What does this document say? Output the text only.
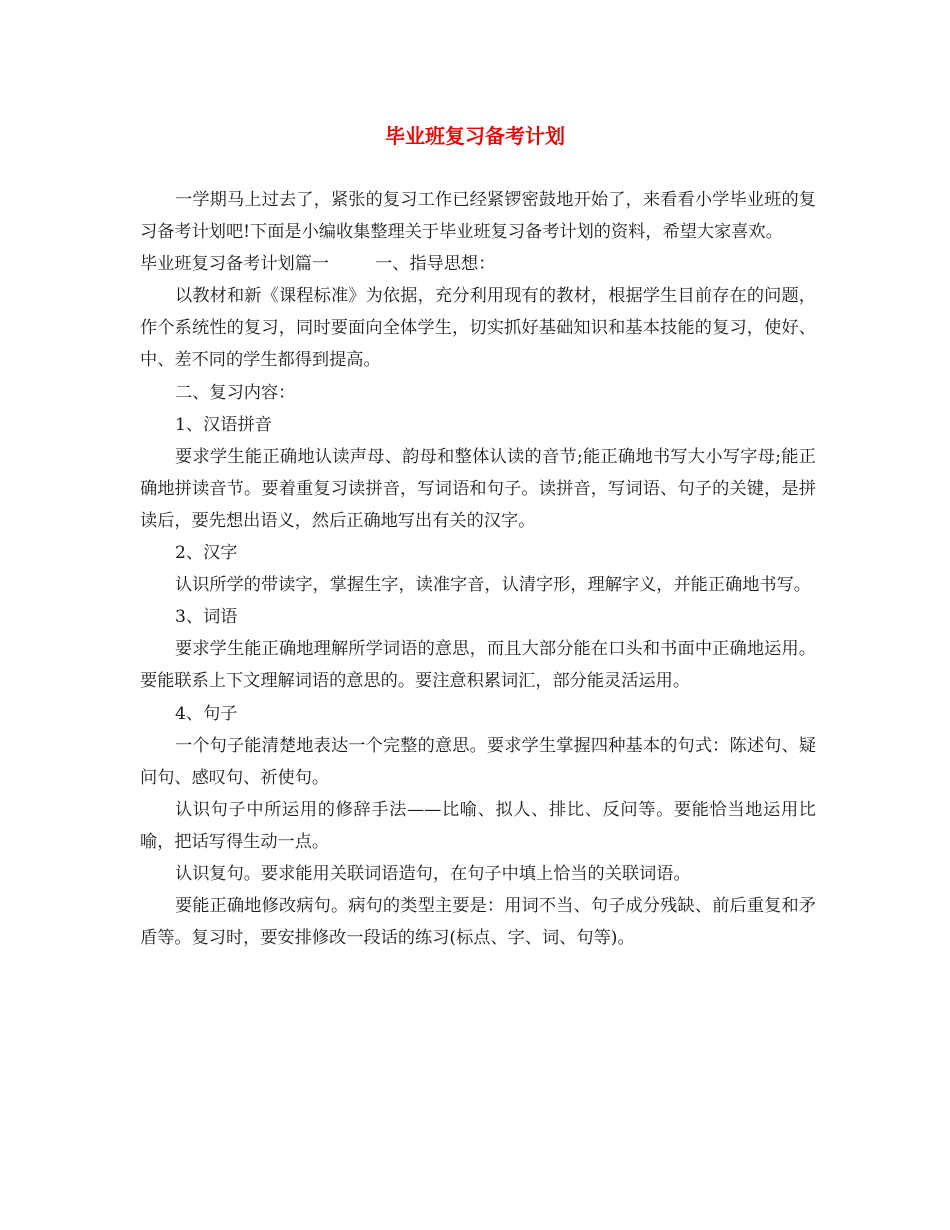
毕业班复习备考计划

一学期马上过去了，紧张的复习工作已经紧锣密鼓地开始了，来看看小学毕业班的复习备考计划吧!下面是小编收集整理关于毕业班复习备考计划的资料，希望大家喜欢。

毕业班复习备考计划篇一	一、指导思想：

以教材和新《课程标准》为依据，充分利用现有的教材，根据学生目前存在的问题，作个系统性的复习，同时要面向全体学生，切实抓好基础知识和基本技能的复习，使好、中、差不同的学生都得到提高。

二、复习内容：

1、汉语拼音

要求学生能正确地认读声母、韵母和整体认读的音节;能正确地书写大小写字母;能正确地拼读音节。要着重复习读拼音，写词语和句子。读拼音，写词语、句子的关键，是拼读后，要先想出语义，然后正确地写出有关的汉字。

2、汉字

认识所学的带读字，掌握生字，读准字音，认清字形，理解字义，并能正确地书写。

3、词语

要求学生能正确地理解所学词语的意思，而且大部分能在口头和书面中正确地运用。要能联系上下文理解词语的意思的。要注意积累词汇，部分能灵活运用。

4、句子

一个句子能清楚地表达一个完整的意思。要求学生掌握四种基本的句式：陈述句、疑问句、感叹句、祈使句。

认识句子中所运用的修辞手法——比喻、拟人、排比、反问等。要能恰当地运用比喻，把话写得生动一点。

认识复句。要求能用关联词语造句，在句子中填上恰当的关联词语。

要能正确地修改病句。病句的类型主要是：用词不当、句子成分残缺、前后重复和矛盾等。复习时，要安排修改一段话的练习(标点、字、词、句等)。
